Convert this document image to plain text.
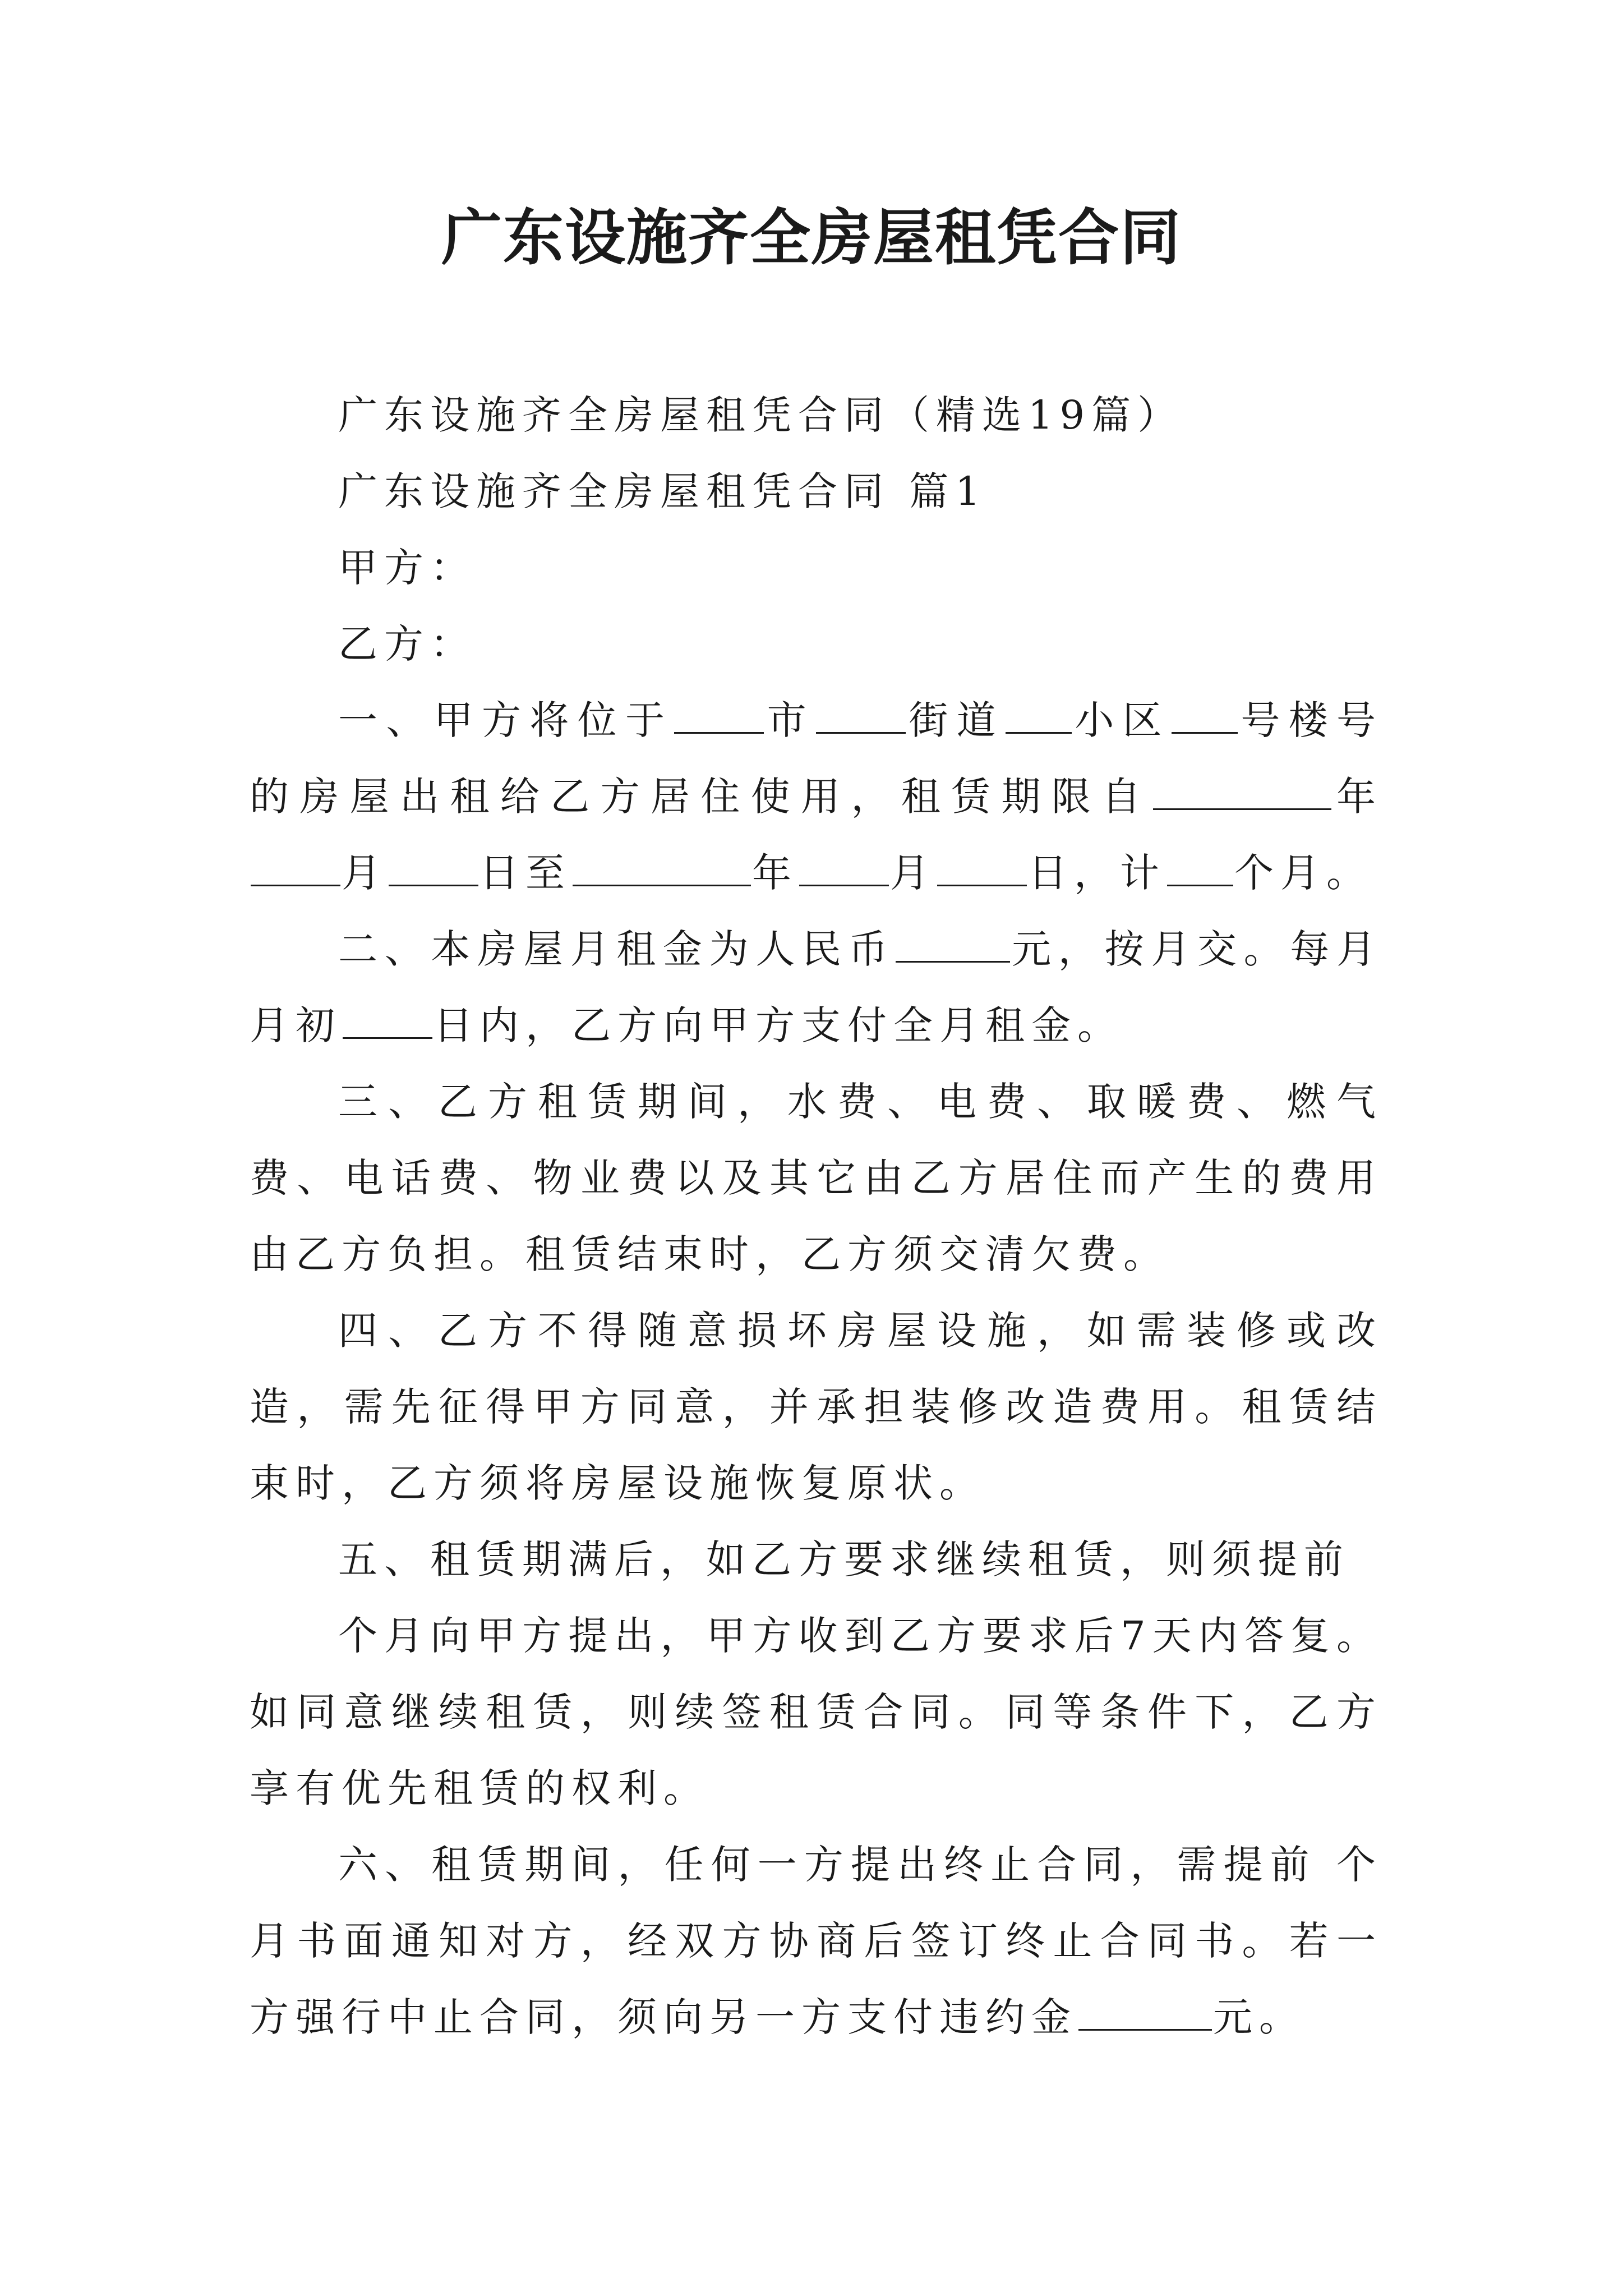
广东设施齐全房屋租凭合同

广东设施齐全房屋租凭合同（精选19篇）

广东设施齐全房屋租凭合同 篇1

甲方：

乙方：

一、甲方将位于 市 街道 小区 号楼号的房屋出租给乙方居住使用，租赁期限自	年月 日至	年 月 日，计 个月。

二、本房屋月租金为人民币	元，按月交。每月月初 日内，乙方向甲方支付全月租金。

三、乙方租赁期间，水费、电费、取暖费、燃气费、电话费、物业费以及其它由乙方居住而产生的费用由乙方负担。租赁结束时，乙方须交清欠费。

四、乙方不得随意损坏房屋设施，如需装修或改造，需先征得甲方同意，并承担装修改造费用。租赁结束时，乙方须将房屋设施恢复原状。

五、租赁期满后，如乙方要求继续租赁，则须提前

个月向甲方提出，甲方收到乙方要求后7天内答复。如同意继续租赁，则续签租赁合同。同等条件下，乙方享有优先租赁的权利。

六、租赁期间，任何一方提出终止合同，需提前 个月书面通知对方，经双方协商后签订终止合同书。若一方强行中止合同，须向另一方支付违约金	元。
